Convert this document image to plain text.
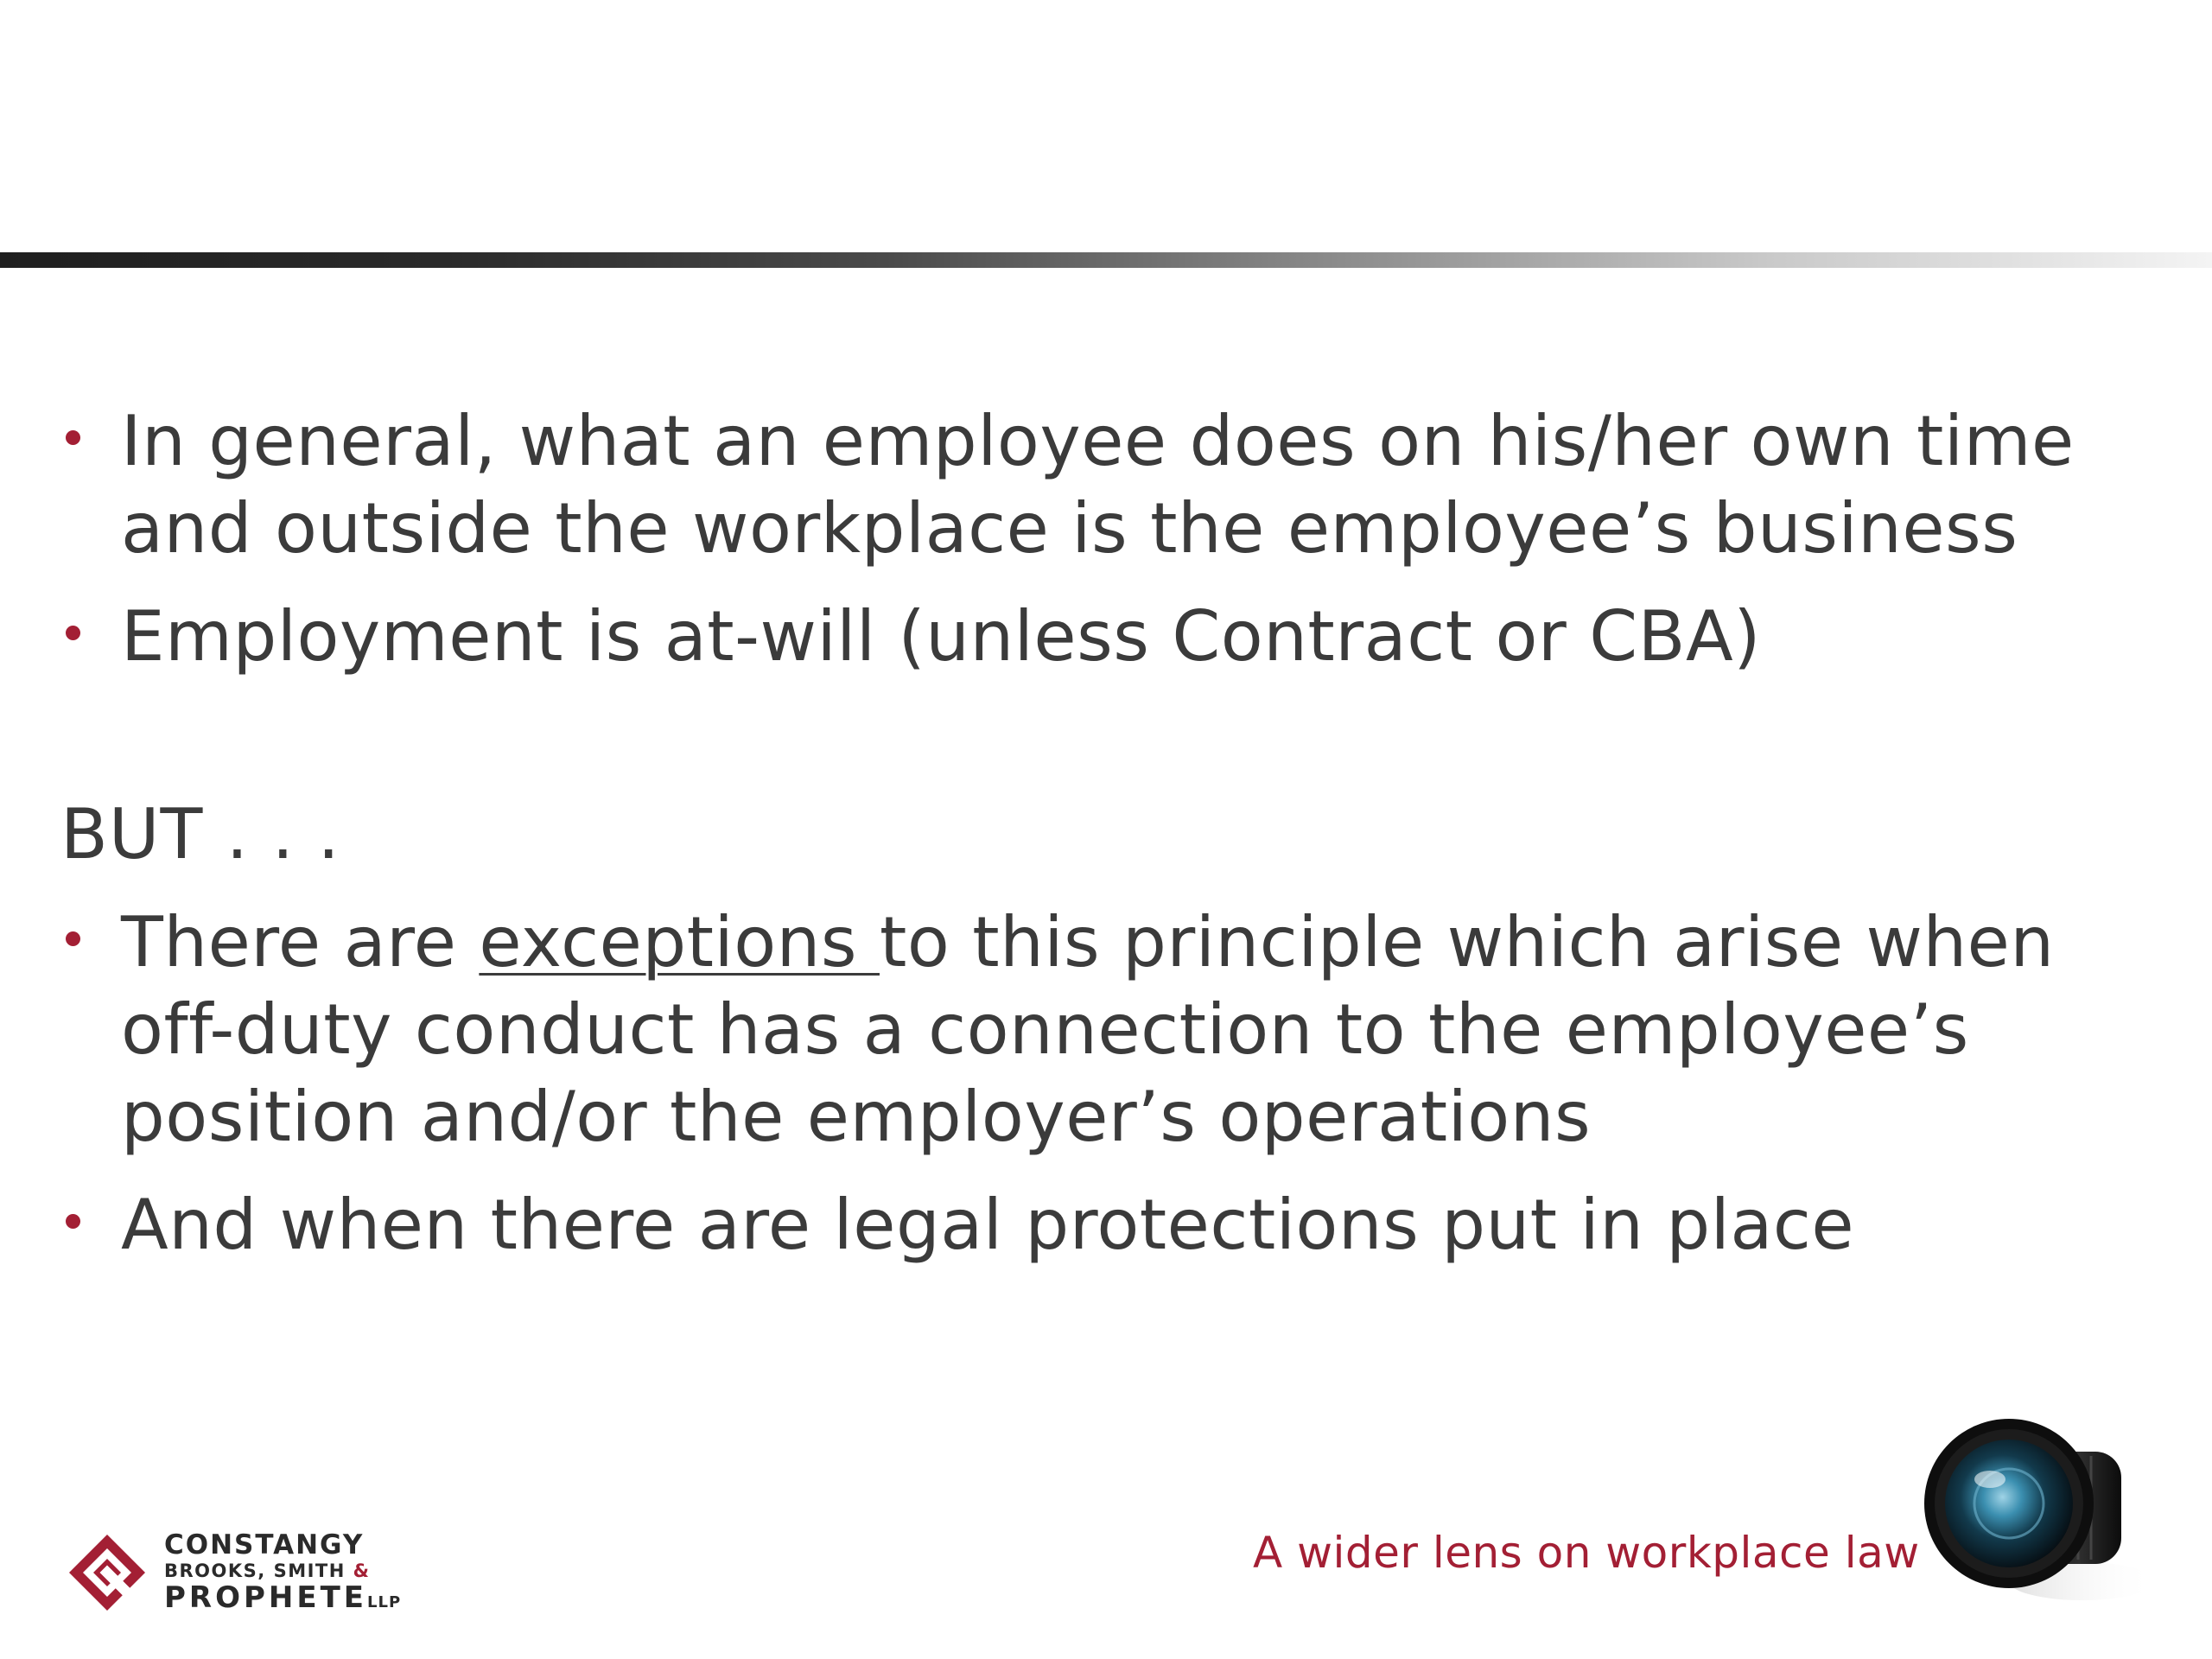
In general, what an employee does on his/her own time and outside the workplace is the employee’s business
Employment is at-will (unless Contract or CBA)
BUT . . .
There are exceptions to this principle which arise when off-duty conduct has a connection to the employee’s position and/or the employer’s operations
And when there are legal protections put in place
CONSTANGY
BROOKS, SMITH &
PROPHETELLP
A wider lens on workplace law
